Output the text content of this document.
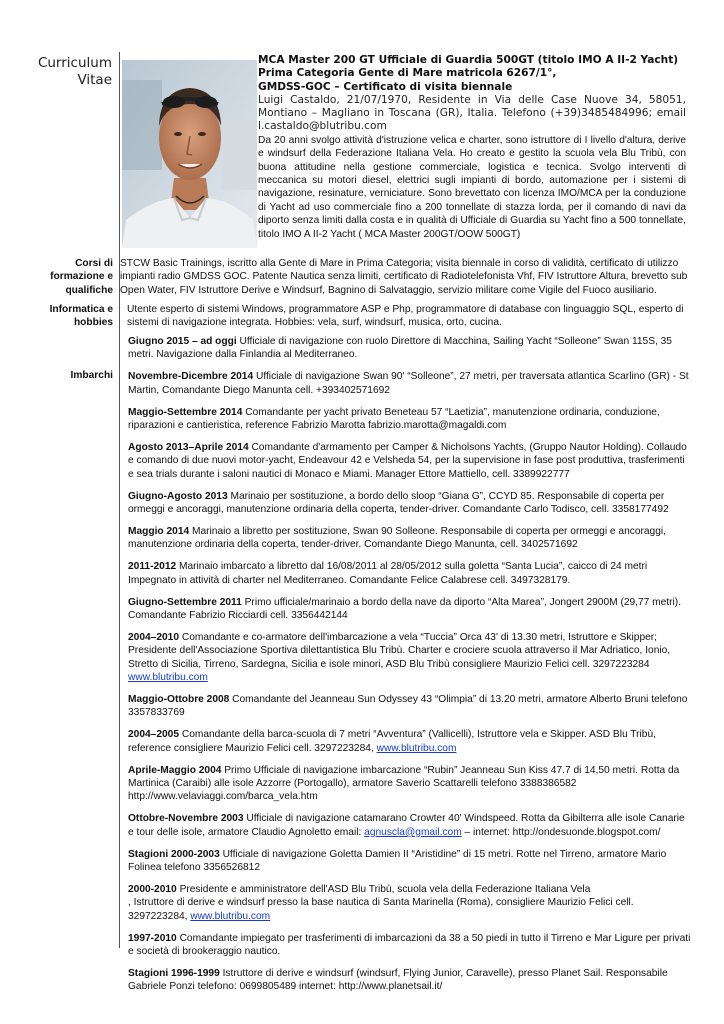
Curriculum
Vitae
MCA Master 200 GT Ufficiale di Guardia 500GT (titolo IMO A II-2 Yacht)
Prima Categoria Gente di Mare matricola 6267/1°,
GMDSS-GOC – Certificato di visita biennale
Luigi Castaldo, 21/07/1970, Residente in Via delle Case Nuove 34, 58051, Montiano – Magliano in Toscana (GR), Italia. Telefono (+39)3485484996; email l.castaldo@blutribu.com
Da 20 anni svolgo attività d'istruzione velica e charter, sono istruttore di I livello d'altura, derive e windsurf della Federazione Italiana Vela. Ho creato e gestito la scuola vela Blu Tribù, con buona attitudine nella gestione commerciale, logistica e tecnica. Svolgo interventi di meccanica su motori diesel, elettrici sugli impianti di bordo, automazione per i sistemi di navigazione, resinature, verniciature. Sono brevettato con licenza IMO/MCA per la conduzione di Yacht ad uso commerciale fino a 200 tonnellate di stazza lorda, per il comando di navi da diporto senza limiti dalla costa e in qualità di Ufficiale di Guardia su Yacht fino a 500 tonnellate, titolo IMO A II-2 Yacht ( MCA Master 200GT/OOW 500GT)
Corsi di
formazione e
qualifiche
STCW Basic Trainings, iscritto alla Gente di Mare in Prima Categoria; visita biennale in corso di validità, certificato di utilizzo impianti radio GMDSS GOC. Patente Nautica senza limiti, certificato di Radiotelefonista Vhf, FIV Istruttore Altura, brevetto sub Open Water, FIV Istruttore Derive e Windsurf, Bagnino di Salvataggio, servizio militare come Vigile del Fuoco ausiliario.
Informatica e
hobbies
Utente esperto di sistemi Windows, programmatore ASP e Php, programmatore di database con linguaggio SQL, esperto di sistemi di navigazione integrata. Hobbies: vela, surf, windsurf, musica, orto, cucina.
Imbarchi
Giugno 2015 – ad oggi Ufficiale di navigazione con ruolo Direttore di Macchina, Sailing Yacht “Solleone” Swan 115S, 35 metri. Navigazione dalla Finlandia al Mediterraneo.
Novembre-Dicembre 2014 Ufficiale di navigazione Swan 90' “Solleone”, 27 metri, per traversata atlantica Scarlino (GR) - St Martin, Comandante Diego Manunta cell. +393402571692
Maggio-Settembre 2014 Comandante per yacht privato Beneteau 57 “Laetizia”, manutenzione ordinaria, conduzione, riparazioni e cantieristica, reference Fabrizio Marotta fabrizio.marotta@magaldi.com
Agosto 2013–Aprile 2014 Comandante d'armamento per Camper & Nicholsons Yachts, (Gruppo Nautor Holding). Collaudo e comando di due nuovi motor-yacht, Endeavour 42 e Velsheda 54, per la supervisione in fase post produttiva, trasferimenti e sea trials durante i saloni nautici di Monaco e Miami. Manager Ettore Mattiello, cell. 3389922777
Giugno-Agosto 2013 Marinaio per sostituzione, a bordo dello sloop “Giana G”, CCYD 85. Responsabile di coperta per ormeggi e ancoraggi, manutenzione ordinaria della coperta, tender-driver. Comandante Carlo Todisco, cell. 3358177492
Maggio 2014 Marinaio a libretto per sostituzione, Swan 90 Solleone. Responsabile di coperta per ormeggi e ancoraggi, manutenzione ordinaria della coperta, tender-driver. Comandante Diego Manunta, cell. 3402571692
2011-2012 Marinaio imbarcato a libretto dal 16/08/2011 al 28/05/2012 sulla goletta “Santa Lucia”, caicco di 24 metri Impegnato in attività di charter nel Mediterraneo. Comandante Felice Calabrese cell. 3497328179.
Giugno-Settembre 2011 Primo ufficiale/marinaio a bordo della nave da diporto “Alta Marea”, Jongert 2900M (29,77 metri). Comandante Fabrizio Ricciardi cell. 3356442144
2004–2010 Comandante e co-armatore dell'imbarcazione a vela “Tuccia” Orca 43' di 13.30 metri, Istruttore e Skipper; Presidente dell'Associazione Sportiva dilettantistica Blu Tribù. Charter e crociere scuola attraverso il Mar Adriatico, Ionio, Stretto di Sicilia, Tirreno, Sardegna, Sicilia e isole minori, ASD Blu Tribù consigliere Maurizio Felici cell. 3297223284 www.blutribu.com
Maggio-Ottobre 2008 Comandante del Jeanneau Sun Odyssey 43 “Olimpia” di 13.20 metri, armatore Alberto Bruni telefono 3357833769
2004–2005 Comandante della barca-scuola di 7 metri “Avventura” (Vallicelli), Istruttore vela e Skipper. ASD Blu Tribù, reference consigliere Maurizio Felici cell. 3297223284, www.blutribu.com
Aprile-Maggio 2004 Primo Ufficiale di navigazione imbarcazione “Rubin” Jeanneau Sun Kiss 47.7 di 14,50 metri. Rotta da Martinica (Caraibi) alle isole Azzorre (Portogallo), armatore Saverio Scattarelli telefono 3388386582 http://www.velaviaggi.com/barca_vela.htm
Ottobre-Novembre 2003 Ufficiale di navigazione catamarano Crowter 40' Windspeed. Rotta da Gibilterra alle isole Canarie e tour delle isole, armatore Claudio Agnoletto email: agnuscla@gmail.com – internet: http://ondesuonde.blogspot.com/
Stagioni 2000-2003 Ufficiale di navigazione Goletta Damien II “Aristidine” di 15 metri. Rotte nel Tirreno, armatore Mario Folinea telefono 3356526812
2000-2010 Presidente e amministratore dell'ASD Blu Tribù, scuola vela della Federazione Italiana Vela
, Istruttore di derive e windsurf presso la base nautica di Santa Marinella (Roma), consigliere Maurizio Felici cell. 3297223284, www.blutribu.com
1997-2010 Comandante impiegato per trasferimenti di imbarcazioni da 38 a 50 piedi in tutto il Tirreno e Mar Ligure per privati e società di brookeraggio nautico.
Stagioni 1996-1999 Istruttore di derive e windsurf (windsurf, Flying Junior, Caravelle), presso Planet Sail. Responsabile Gabriele Ponzi telefono: 0699805489 internet: http://www.planetsail.it/
